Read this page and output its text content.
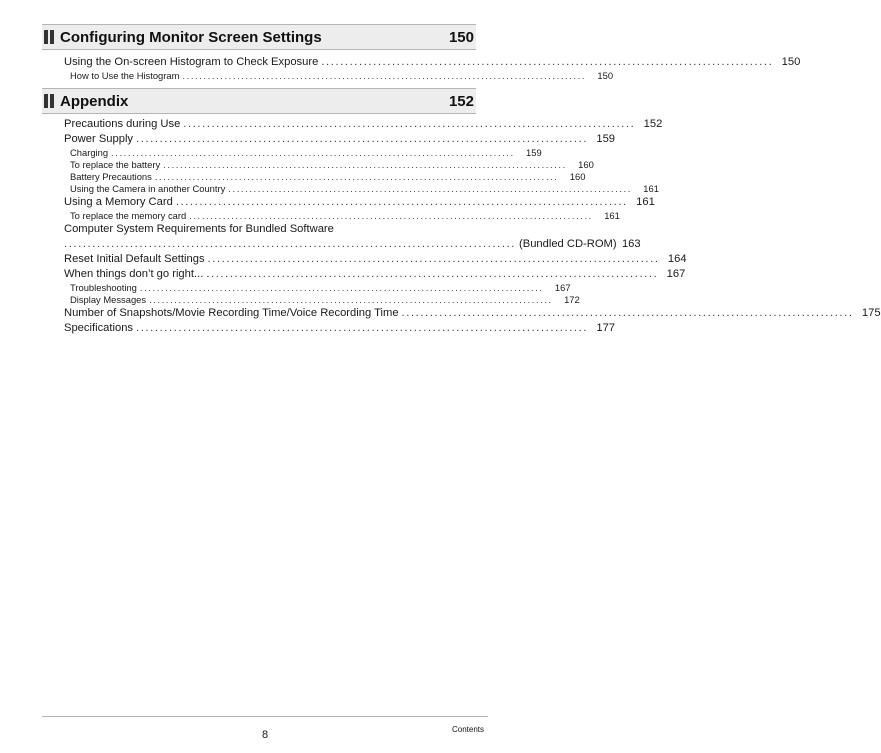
Configuring Monitor Screen Settings	150
Using the On-screen Histogram to Check Exposure ................................................................................................ 150
How to Use the Histogram ................................................................................................	150
Appendix	152
Precautions during Use ................................................................................................ 152
Power Supply ................................................................................................ 159
Charging ................................................................................................	159
To replace the battery ................................................................................................	160
Battery Precautions ................................................................................................	160
Using the Camera in another Country ................................................................................................	161
Using a Memory Card ................................................................................................ 161
To replace the memory card ................................................................................................	161
Computer System Requirements for Bundled Software
................................................................................................ (Bundled CD-ROM) 163
Reset Initial Default Settings ................................................................................................ 164
When things don’t go right... ................................................................................................ 167
Troubleshooting ................................................................................................	167
Display Messages ................................................................................................	172
Number of Snapshots/Movie Recording Time/Voice Recording Time ................................................................................................ 175
Specifications ................................................................................................ 177
8	Contents
